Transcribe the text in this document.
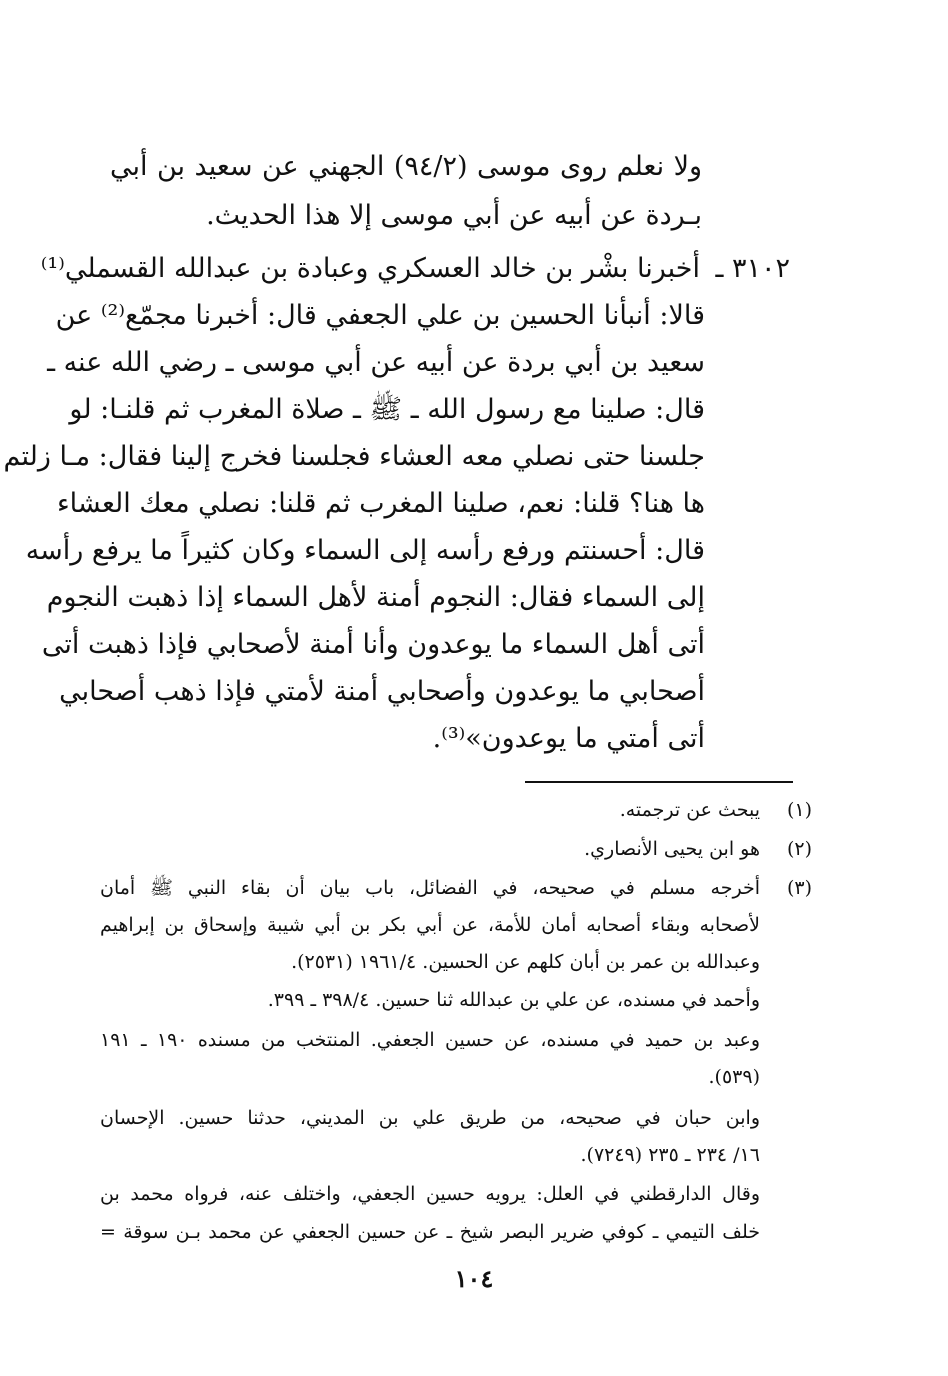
ولا نعلم روى موسى (٩٤/٢) الجهني عن سعيد بن أبي
بـردة عن أبيه عن أبي موسى إلا هذا الحديث.
٣١٠٢ ـ
أخبرنا بشْر بن خالد العسكري وعبادة بن عبدالله القسملي⁽¹⁾
قالا: أنبأنا الحسين بن علي الجعفي قال: أخبرنا مجمّع⁽²⁾ عن
سعيد بن أبي بردة عن أبيه عن أبي موسى ـ رضي الله عنه ـ
قال: صلينا مع رسول الله ـ ﷺ ـ صلاة المغرب ثم قلنـا: لو
جلسنا حتى نصلي معه العشاء فجلسنا فخرج إلينا فقال: مـا زلتم
ها هنا؟ قلنا: نعم، صلينا المغرب ثم قلنا: نصلي معك العشاء
قال: أحسنتم ورفع رأسه إلى السماء وكان كثيراً ما يرفع رأسه
إلى السماء فقال: النجوم أمنة لأهل السماء إذا ذهبت النجوم
أتى أهل السماء ما يوعدون وأنا أمنة لأصحابي فإذا ذهبت أتى
أصحابي ما يوعدون وأصحابي أمنة لأمتي فإذا ذهب أصحابي
أتى أمتي ما يوعدون»⁽³⁾.
(١)
يبحث عن ترجمته.
(٢)
هو ابن يحيى الأنصاري.
(٣)
أخرجه مسلم في صحيحه، في الفضائل، باب بيان أن بقاء النبي ﷺ أمان
لأصحابه وبقاء أصحابه أمان للأمة، عن أبي بكر بن أبي شيبة وإسحاق بن إبراهيم
وعبدالله بن عمر بن أبان كلهم عن الحسين. ١٩٦١/٤ (٢٥٣١).
وأحمد في مسنده، عن علي بن عبدالله ثنا حسين. ٣٩٨/٤ ـ ٣٩٩.
وعبد بن حميد في مسنده، عن حسين الجعفي. المنتخب من مسنده ١٩٠ ـ ١٩١
(٥٣٩).
وابن حبان في صحيحه، من طريق علي بن المديني، حدثنا حسين. الإحسان
١٦/ ٢٣٤ ـ ٢٣٥ (٧٢٤٩).
وقال الدارقطني في العلل: يرويه حسين الجعفي، واختلف عنه، فرواه محمد بن
خلف التيمي ـ كوفي ضرير البصر شيخ ـ عن حسين الجعفي عن محمد بـن سوقة =
١٠٤
